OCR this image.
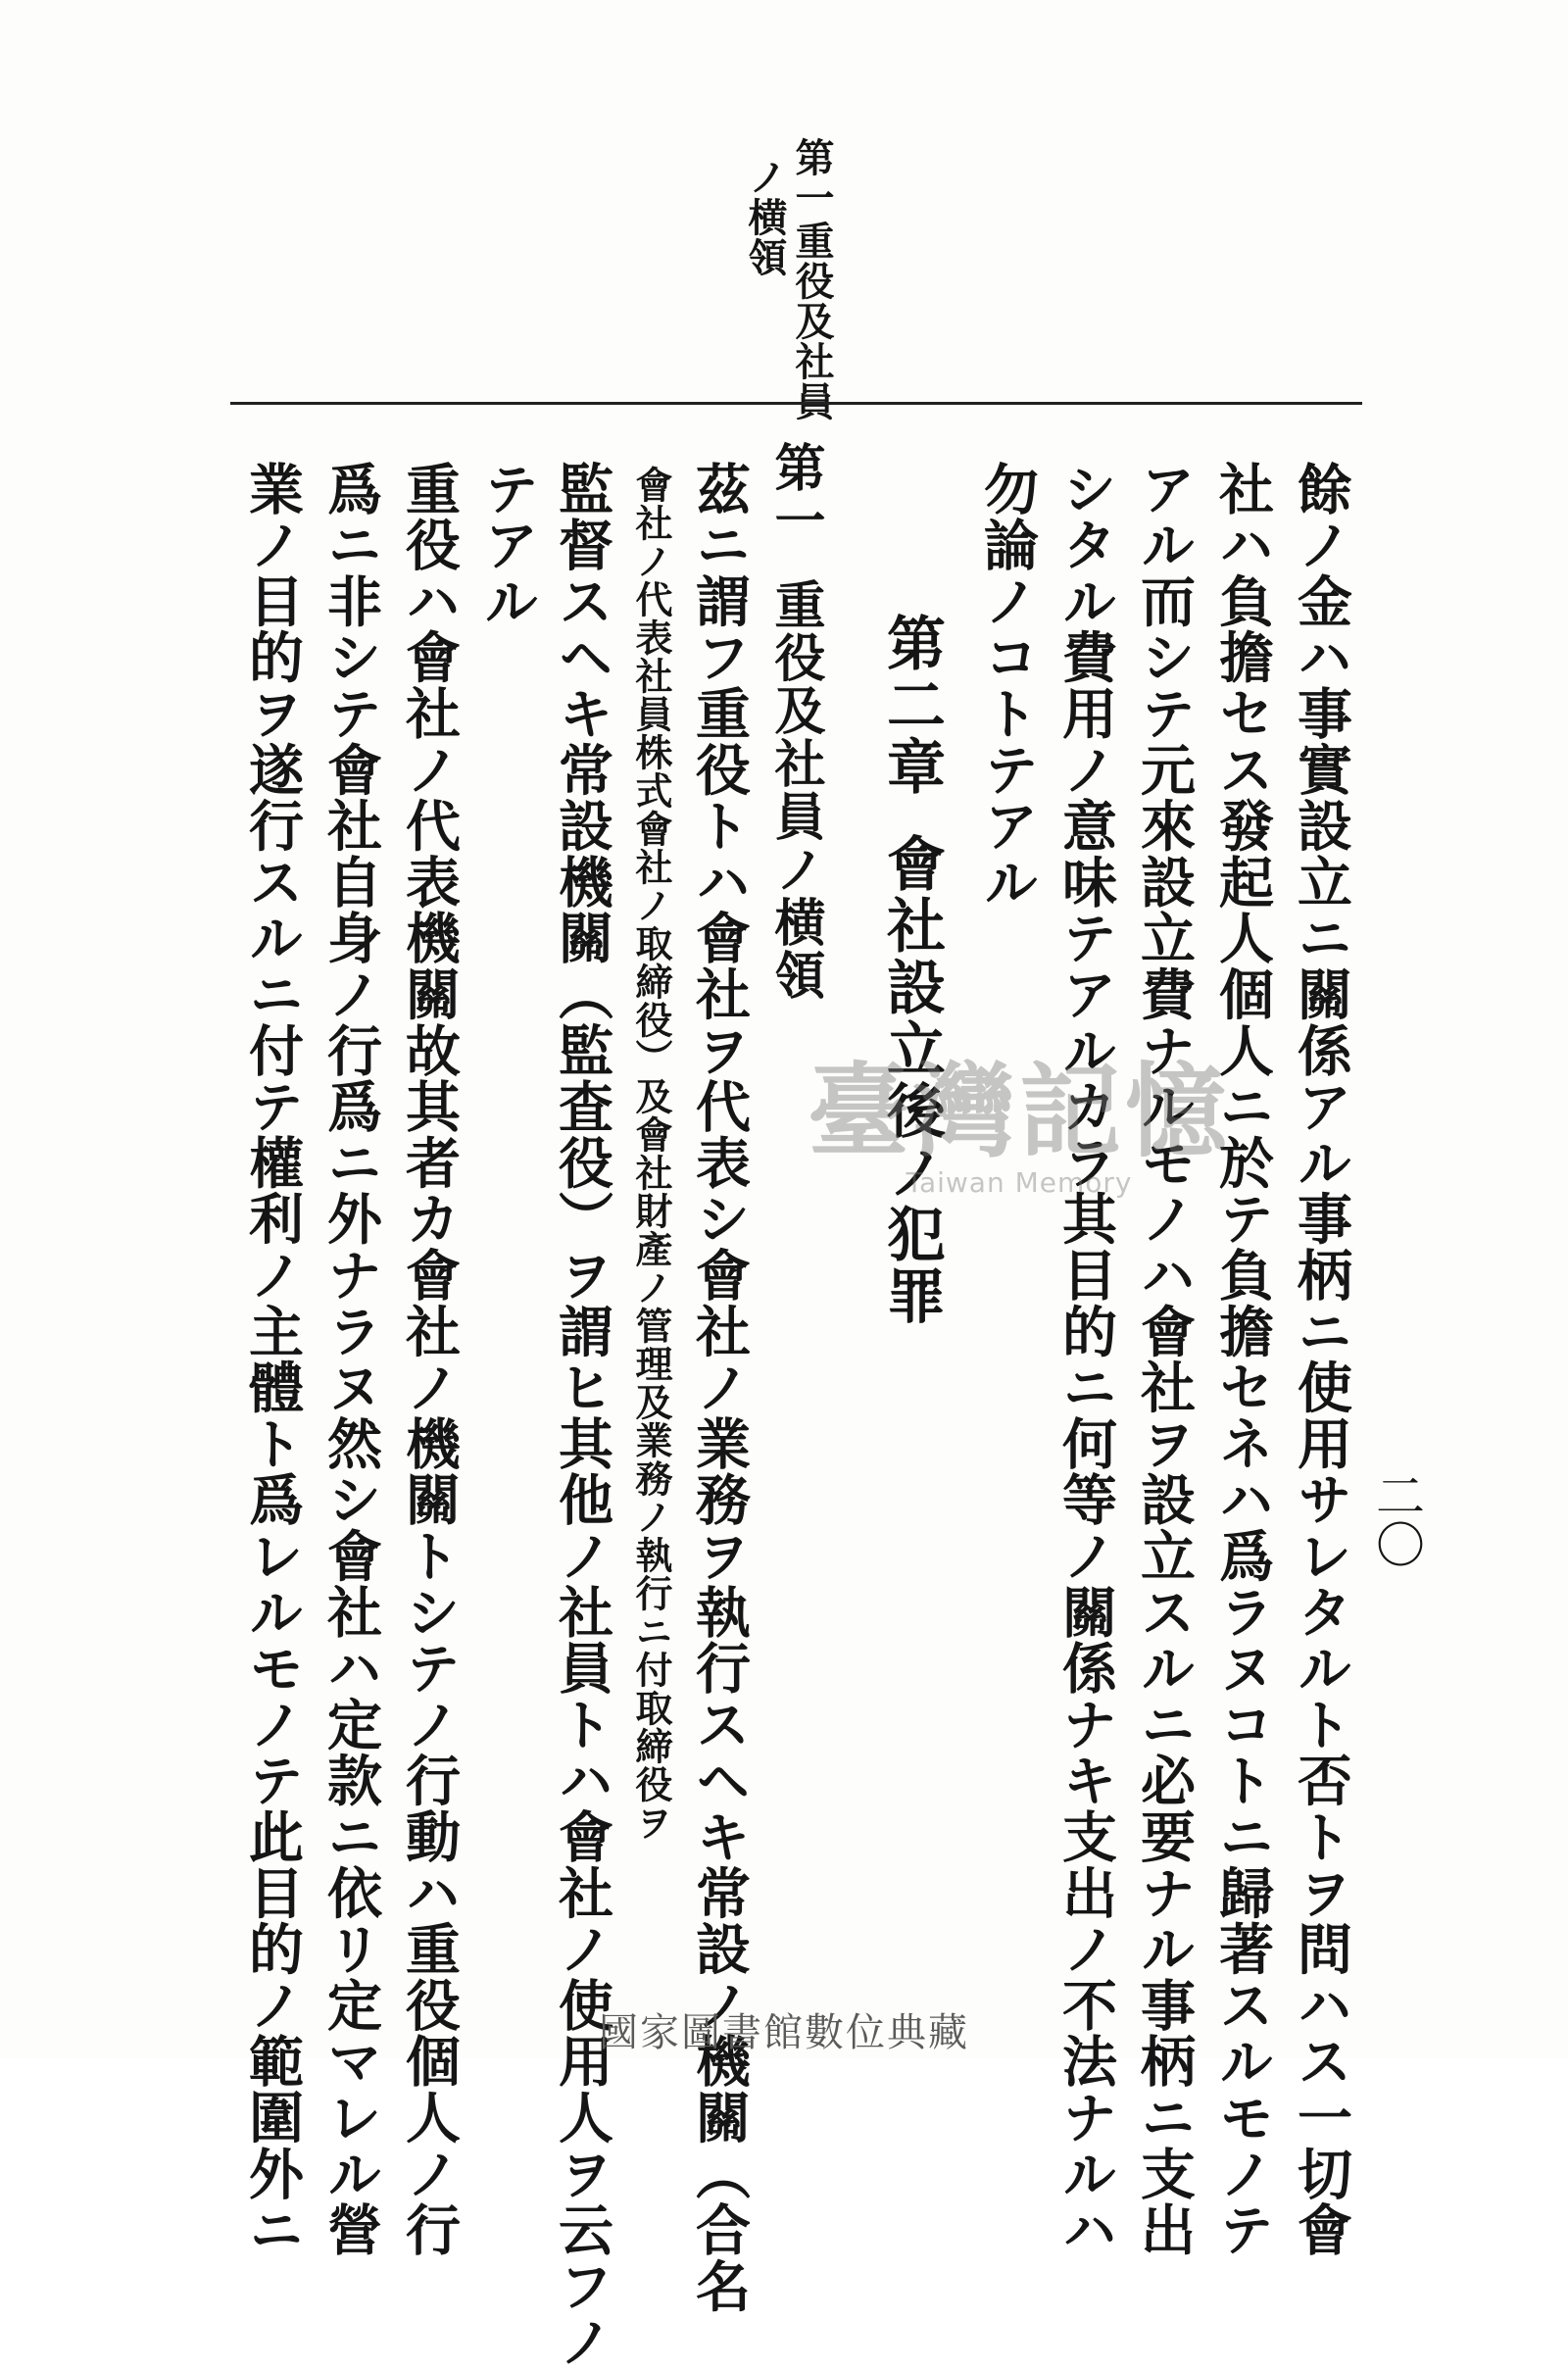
第一
重役及社員
ノ横領
二〇
餘ノ金ハ事實設立ニ關係アル事柄ニ使用サレタルト否トヲ問ハス一切會
社ハ負擔セス發起人個人ニ於テ負擔セネハ爲ラヌコトニ歸著スルモノテ
アル而シテ元來設立費ナルモノハ會社ヲ設立スルニ必要ナル事柄ニ支出
シタル費用ノ意味テアルカラ其目的ニ何等ノ關係ナキ支出ノ不法ナルハ
勿論ノコトテアル
第二章
會社設立後ノ犯罪
第一
重役及社員ノ横領
茲ニ謂フ重役トハ會社ヲ代表シ會社ノ業務ヲ執行スヘキ常設ノ機關（合名
會社ノ代表社員株式會社ノ取締役）及會社財產ノ管理及業務ノ執行ニ付取締役ヲ
監督スヘキ常設機關（監査役）ヲ謂ヒ其他ノ社員トハ會社ノ使用人ヲ云フノ
テアル
重役ハ會社ノ代表機關故其者カ會社ノ機關トシテノ行動ハ重役個人ノ行
爲ニ非シテ會社自身ノ行爲ニ外ナラヌ然シ會社ハ定款ニ依リ定マレル營
業ノ目的ヲ遂行スルニ付テ權利ノ主體ト爲レルモノテ此目的ノ範圍外ニ	臺灣記憶
Taiwan Memory
國家圖書館數位典藏
